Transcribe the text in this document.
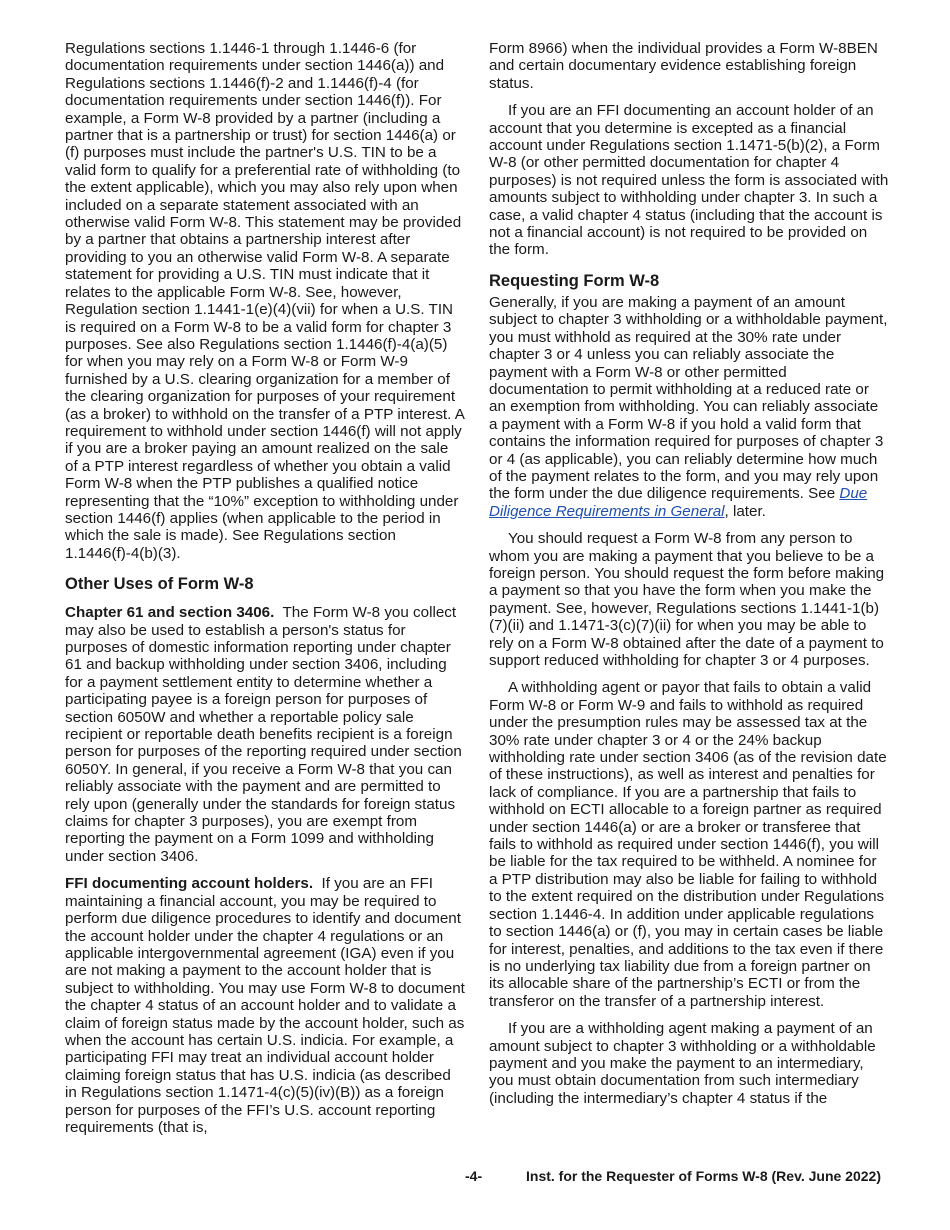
Regulations sections 1.1446-1 through 1.1446-6 (for documentation requirements under section 1446(a)) and Regulations sections 1.1446(f)-2 and 1.1446(f)-4 (for documentation requirements under section 1446(f)). For example, a Form W-8 provided by a partner (including a partner that is a partnership or trust) for section 1446(a) or (f) purposes must include the partner's U.S. TIN to be a valid form to qualify for a preferential rate of withholding (to the extent applicable), which you may also rely upon when included on a separate statement associated with an otherwise valid Form W-8. This statement may be provided by a partner that obtains a partnership interest after providing to you an otherwise valid Form W-8. A separate statement for providing a U.S. TIN must indicate that it relates to the applicable Form W-8. See, however, Regulation section 1.1441-1(e)(4)(vii) for when a U.S. TIN is required on a Form W-8 to be a valid form for chapter 3 purposes. See also Regulations section 1.1446(f)-4(a)(5) for when you may rely on a Form W-8 or Form W-9 furnished by a U.S. clearing organization for a member of the clearing organization for purposes of your requirement (as a broker) to withhold on the transfer of a PTP interest. A requirement to withhold under section 1446(f) will not apply if you are a broker paying an amount realized on the sale of a PTP interest regardless of whether you obtain a valid Form W-8 when the PTP publishes a qualified notice representing that the “10%” exception to withholding under section 1446(f) applies (when applicable to the period in which the sale is made). See Regulations section 1.1446(f)-4(b)(3).

Other Uses of Form W-8

Chapter 61 and section 3406. The Form W-8 you collect may also be used to establish a person's status for purposes of domestic information reporting under chapter 61 and backup withholding under section 3406, including for a payment settlement entity to determine whether a participating payee is a foreign person for purposes of section 6050W and whether a reportable policy sale recipient or reportable death benefits recipient is a foreign person for purposes of the reporting required under section 6050Y. In general, if you receive a Form W-8 that you can reliably associate with the payment and are permitted to rely upon (generally under the standards for foreign status claims for chapter 3 purposes), you are exempt from reporting the payment on a Form 1099 and withholding under section 3406.

FFI documenting account holders. If you are an FFI maintaining a financial account, you may be required to perform due diligence procedures to identify and document the account holder under the chapter 4 regulations or an applicable intergovernmental agreement (IGA) even if you are not making a payment to the account holder that is subject to withholding. You may use Form W-8 to document the chapter 4 status of an account holder and to validate a claim of foreign status made by the account holder, such as when the account has certain U.S. indicia. For example, a participating FFI may treat an individual account holder claiming foreign status that has U.S. indicia (as described in Regulations section 1.1471-4(c)(5)(iv)(B)) as a foreign person for purposes of the FFI’s U.S. account reporting requirements (that is,

Form 8966) when the individual provides a Form W-8BEN and certain documentary evidence establishing foreign status.

If you are an FFI documenting an account holder of an account that you determine is excepted as a financial account under Regulations section 1.1471-5(b)(2), a Form W-8 (or other permitted documentation for chapter 4 purposes) is not required unless the form is associated with amounts subject to withholding under chapter 3. In such a case, a valid chapter 4 status (including that the account is not a financial account) is not required to be provided on the form.

Requesting Form W-8

Generally, if you are making a payment of an amount subject to chapter 3 withholding or a withholdable payment, you must withhold as required at the 30% rate under chapter 3 or 4 unless you can reliably associate the payment with a Form W-8 or other permitted documentation to permit withholding at a reduced rate or an exemption from withholding. You can reliably associate a payment with a Form W-8 if you hold a valid form that contains the information required for purposes of chapter 3 or 4 (as applicable), you can reliably determine how much of the payment relates to the form, and you may rely upon the form under the due diligence requirements. See Due Diligence Requirements in General, later.

You should request a Form W-8 from any person to whom you are making a payment that you believe to be a foreign person. You should request the form before making a payment so that you have the form when you make the payment. See, however, Regulations sections 1.1441-1(b)(7)(ii) and 1.1471-3(c)(7)(ii) for when you may be able to rely on a Form W-8 obtained after the date of a payment to support reduced withholding for chapter 3 or 4 purposes.

A withholding agent or payor that fails to obtain a valid Form W-8 or Form W-9 and fails to withhold as required under the presumption rules may be assessed tax at the 30% rate under chapter 3 or 4 or the 24% backup withholding rate under section 3406 (as of the revision date of these instructions), as well as interest and penalties for lack of compliance. If you are a partnership that fails to withhold on ECTI allocable to a foreign partner as required under section 1446(a) or are a broker or transferee that fails to withhold as required under section 1446(f), you will be liable for the tax required to be withheld. A nominee for a PTP distribution may also be liable for failing to withhold to the extent required on the distribution under Regulations section 1.1446-4. In addition under applicable regulations to section 1446(a) or (f), you may in certain cases be liable for interest, penalties, and additions to the tax even if there is no underlying tax liability due from a foreign partner on its allocable share of the partnership’s ECTI or from the transferor on the transfer of a partnership interest.

If you are a withholding agent making a payment of an amount subject to chapter 3 withholding or a withholdable payment and you make the payment to an intermediary, you must obtain documentation from such intermediary (including the intermediary’s chapter 4 status if the

-4-	Inst. for the Requester of Forms W-8 (Rev. June 2022)
